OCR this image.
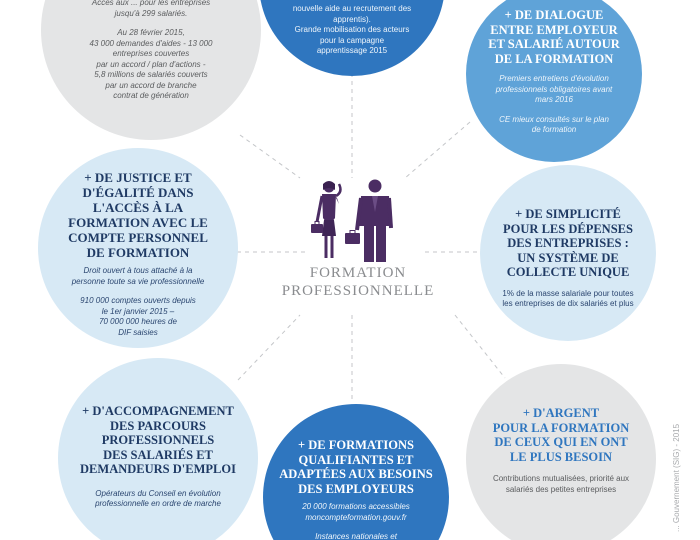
Accès aux ... pour les entreprises
jusqu'à 299 salariés.

Au 28 février 2015,
43 000 demandes d'aides - 13 000
entreprises couvertes
par un accord / plan d'actions -
5,8 millions de salariés couverts
par un accord de branche
contrat de génération

nouvelle aide au recrutement des
apprentis).
Grande mobilisation des acteurs
pour la campagne
apprentissage 2015

+ DE DIALOGUE
ENTRE EMPLOYEUR
ET SALARIÉ AUTOUR
DE LA FORMATION

Premiers entretiens d'évolution
professionnels obligatoires avant
mars 2016

CE mieux consultés sur le plan
de formation

+ DE JUSTICE ET
D'ÉGALITÉ DANS
L'ACCÈS À LA
FORMATION AVEC LE
COMPTE PERSONNEL
DE FORMATION

Droit ouvert à tous attaché à la
personne toute sa vie professionnelle

910 000 comptes ouverts depuis
le 1er janvier 2015 –
70 000 000 heures de
DIF saisies

+ DE SIMPLICITÉ
POUR LES DÉPENSES
DES ENTREPRISES :
UN SYSTÈME DE
COLLECTE UNIQUE

1% de la masse salariale pour toutes
les entreprises de dix salariés et plus

+ D'ACCOMPAGNEMENT
DES PARCOURS
PROFESSIONNELS
DES SALARIÉS ET
DEMANDEURS D'EMPLOI

Opérateurs du Conseil en évolution
professionnelle en ordre de marche

+ DE FORMATIONS
QUALIFIANTES ET
ADAPTÉES AUX BESOINS
DES EMPLOYEURS

20 000 formations accessibles
moncompteformation.gouv.fr

Instances nationales et

+ D'ARGENT
POUR LA FORMATION
DE CEUX QUI EN ONT
LE PLUS BESOIN

Contributions mutualisées, priorité aux
salariés des petites entreprises

FORMATION
PROFESSIONNELLE
... Gouvernement (SIG) - 2015
